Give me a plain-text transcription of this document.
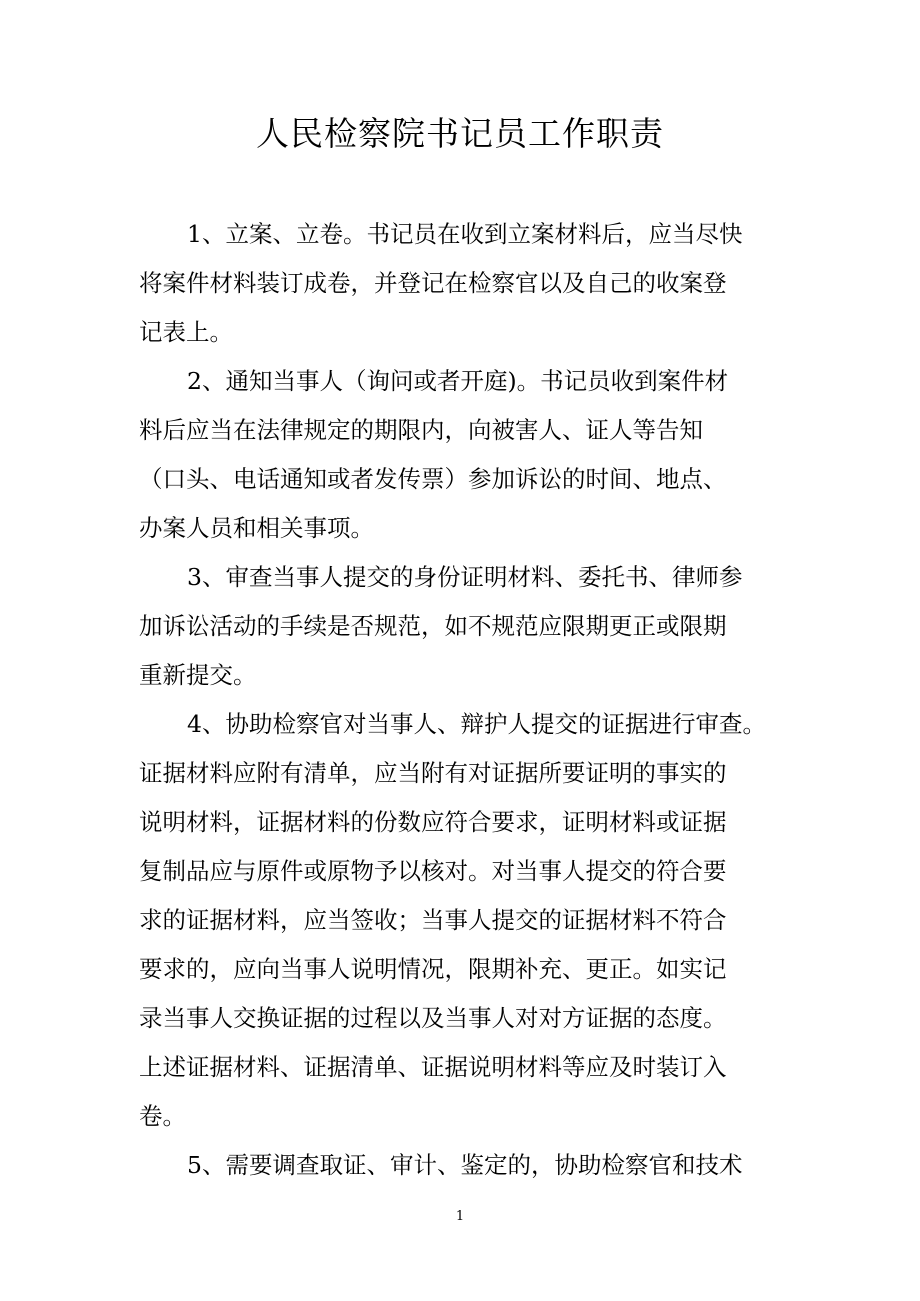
人民检察院书记员工作职责
1、立案、立卷。书记员在收到立案材料后，应当尽快
将案件材料装订成卷，并登记在检察官以及自己的收案登
记表上。
2、通知当事人（询问或者开庭)。书记员收到案件材
料后应当在法律规定的期限内，向被害人、证人等告知
（口头、电话通知或者发传票）参加诉讼的时间、地点、
办案人员和相关事项。
3、审查当事人提交的身份证明材料、委托书、律师参
加诉讼活动的手续是否规范，如不规范应限期更正或限期
重新提交。
4、协助检察官对当事人、辩护人提交的证据进行审查。
证据材料应附有清单，应当附有对证据所要证明的事实的
说明材料，证据材料的份数应符合要求，证明材料或证据
复制品应与原件或原物予以核对。对当事人提交的符合要
求的证据材料，应当签收；当事人提交的证据材料不符合
要求的，应向当事人说明情况，限期补充、更正。如实记
录当事人交换证据的过程以及当事人对对方证据的态度。
上述证据材料、证据清单、证据说明材料等应及时装订入
卷。
5、需要调查取证、审计、鉴定的，协助检察官和技术
1
